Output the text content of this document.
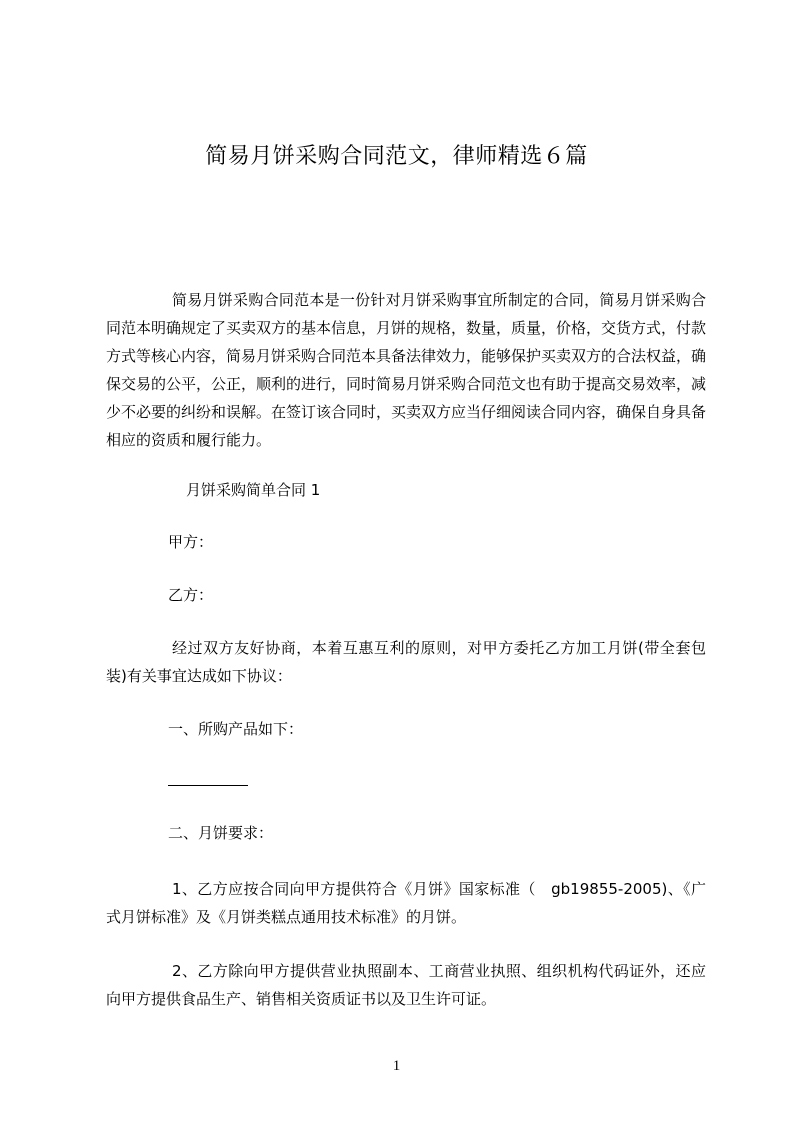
简易月饼采购合同范文，律师精选６篇

简易月饼采购合同范本是一份针对月饼采购事宜所制定的合同，简易月饼采购合同范本明确规定了买卖双方的基本信息，月饼的规格，数量，质量，价格，交货方式，付款方式等核心内容，简易月饼采购合同范本具备法律效力，能够保护买卖双方的合法权益，确保交易的公平，公正，顺利的进行，同时简易月饼采购合同范文也有助于提高交易效率，减少不必要的纠纷和误解。在签订该合同时，买卖双方应当仔细阅读合同内容，确保自身具备相应的资质和履行能力。

月饼采购简单合同 1
甲方：
乙方：

经过双方友好协商，本着互惠互利的原则，对甲方委托乙方加工月饼(带全套包装)有关事宜达成如下协议：

一、所购产品如下：
二、月饼要求：

1、乙方应按合同向甲方提供符合《月饼》国家标准（　gb19855-2005)、《广式月饼标准》及《月饼类糕点通用技术标准》的月饼。

2、乙方除向甲方提供营业执照副本、工商营业执照、组织机构代码证外，还应向甲方提供食品生产、销售相关资质证书以及卫生许可证。

1
